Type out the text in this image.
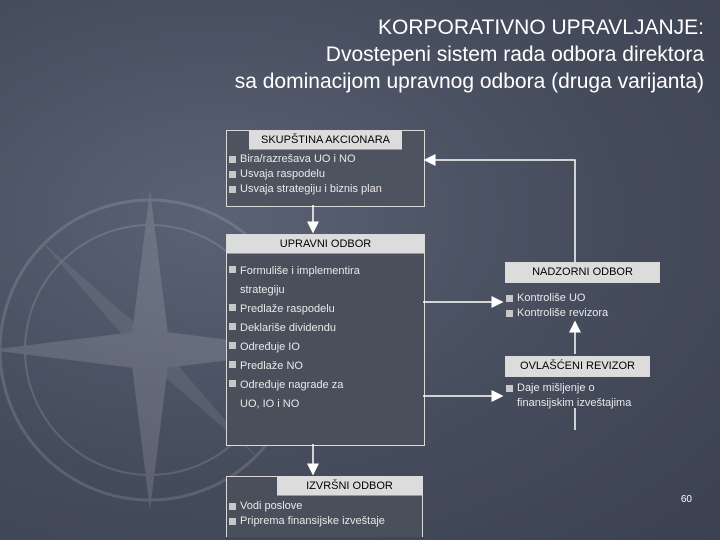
KORPORATIVNO UPRAVLJANJE:
Dvostepeni sistem rada odbora direktora
sa dominacijom upravnog odbora (druga varijanta)
SKUPŠTINA AKCIONARA
Bira/razrešava UO i NO
Usvaja raspodelu
Usvaja strategiju i biznis plan
UPRAVNI ODBOR
Formuliše i implementira
strategiju
Predlaže raspodelu
Deklariše dividendu
Određuje IO
Predlaže NO
Određuje nagrade za
UO, IO i NO
NADZORNI ODBOR
Kontroliše UO
Kontroliše revizora
OVLAŠĆENI REVIZOR
Daje mišljenje o
finansijskim izveštajima
IZVRŠNI ODBOR
Vodi poslove
Priprema finansijske izveštaje
60
